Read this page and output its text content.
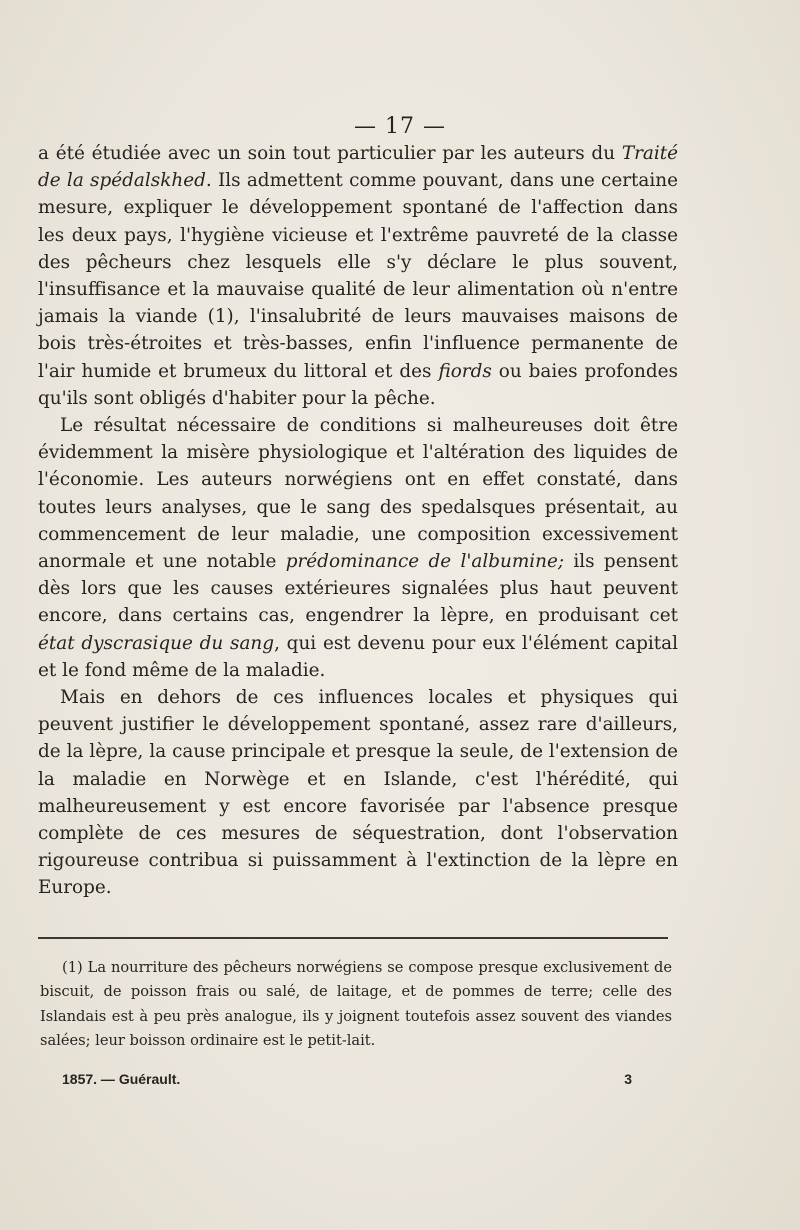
— 17 —

a été étudiée avec un soin tout particulier par les auteurs du Traité de la spédalskhed. Ils admettent comme pouvant, dans une certaine mesure, expliquer le développement spontané de l'affection dans les deux pays, l'hygiène vicieuse et l'extrême pauvreté de la classe des pêcheurs chez lesquels elle s'y déclare le plus souvent, l'insuffisance et la mauvaise qualité de leur alimentation où n'entre jamais la viande (1), l'insalubrité de leurs mauvaises maisons de bois très-étroites et très-basses, enfin l'influence permanente de l'air humide et brumeux du littoral et des fiords ou baies profondes qu'ils sont obligés d'habiter pour la pêche.

Le résultat nécessaire de conditions si malheureuses doit être évidemment la misère physiologique et l'altération des liquides de l'économie. Les auteurs norwégiens ont en effet constaté, dans toutes leurs analyses, que le sang des spedalsques présentait, au commencement de leur maladie, une composition excessivement anormale et une notable prédominance de l'albumine; ils pensent dès lors que les causes extérieures signalées plus haut peuvent encore, dans certains cas, engendrer la lèpre, en produisant cet état dyscrasique du sang, qui est devenu pour eux l'élément capital et le fond même de la maladie.

Mais en dehors de ces influences locales et physiques qui peuvent justifier le développement spontané, assez rare d'ailleurs, de la lèpre, la cause principale et presque la seule, de l'extension de la maladie en Norwège et en Islande, c'est l'hérédité, qui malheureusement y est encore favorisée par l'absence presque complète de ces mesures de séquestration, dont l'observation rigoureuse contribua si puissamment à l'extinction de la lèpre en Europe.

(1) La nourriture des pêcheurs norwégiens se compose presque exclusivement de biscuit, de poisson frais ou salé, de laitage, et de pommes de terre; celle des Islandais est à peu près analogue, ils y joignent toutefois assez souvent des viandes salées; leur boisson ordinaire est le petit-lait.

1857. — Guérault.	3
